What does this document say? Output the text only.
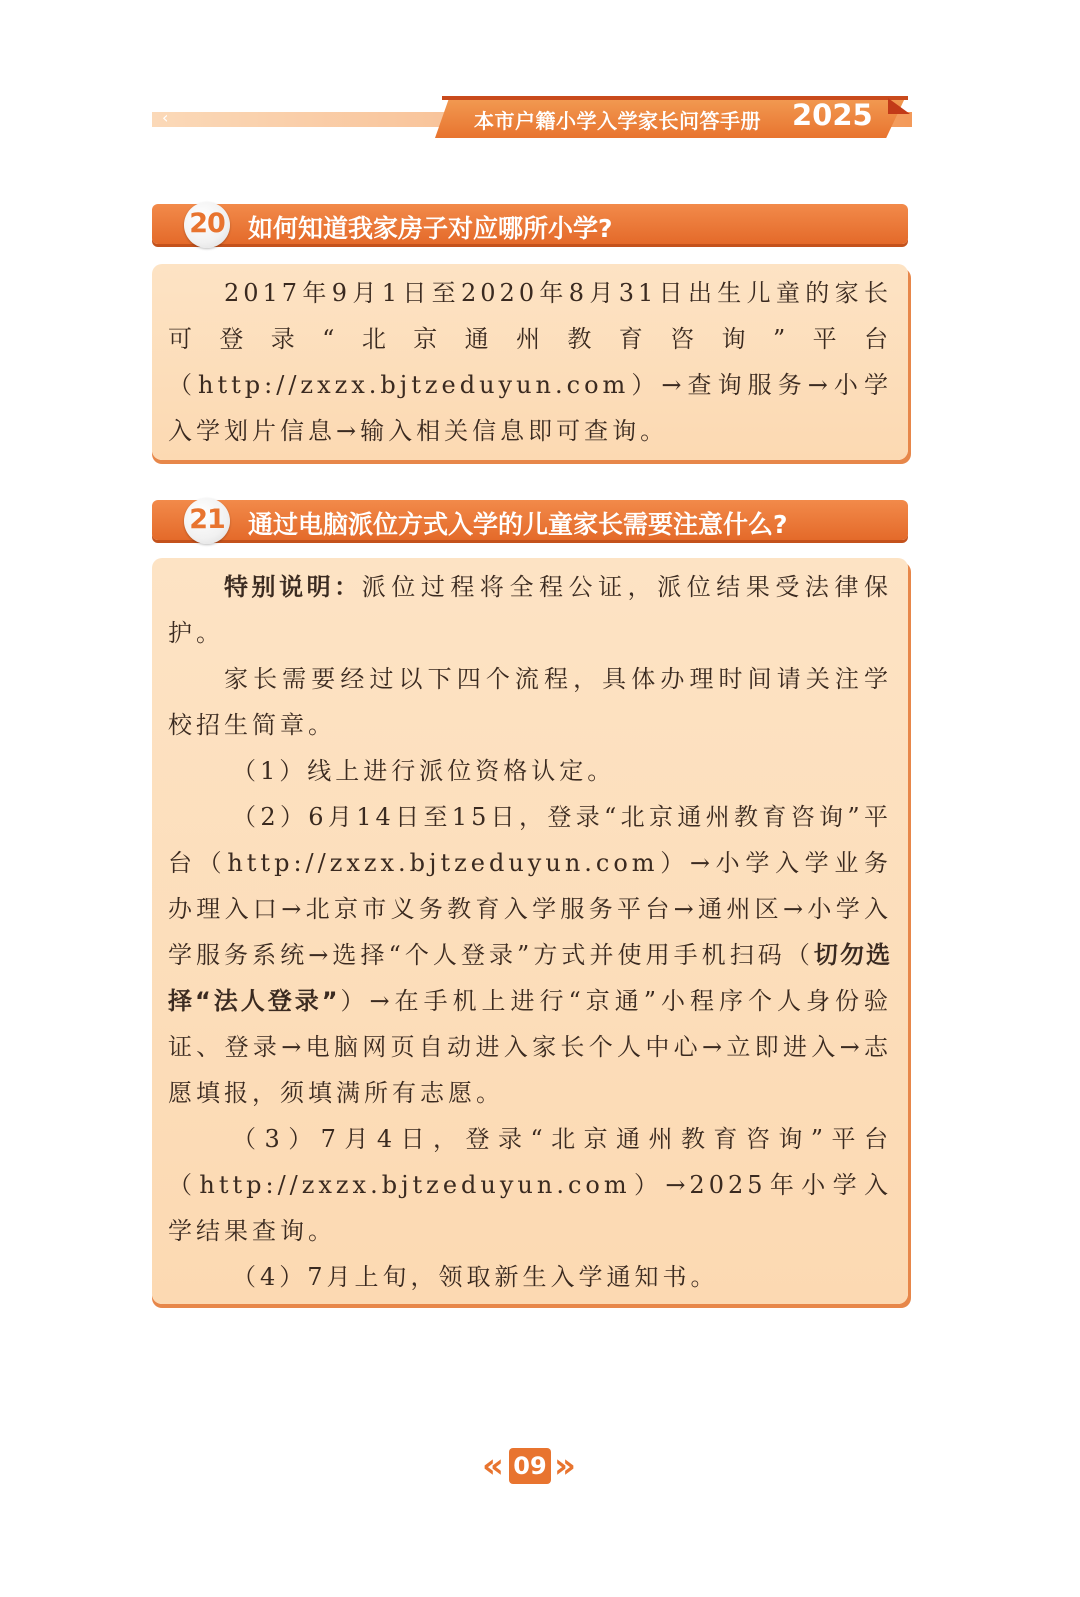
‹	本市户籍小学入学家长问答手册 2025
20 如何知道我家房子对应哪所小学?
2017年9月1日至2020年8月31日出生儿童的家长可登录“北京通州教育咨询”平台（http://zxzx.bjtzeduyun.com）→查询服务→小学入学划片信息→输入相关信息即可查询。
21 通过电脑派位方式入学的儿童家长需要注意什么?
特别说明：派位过程将全程公证，派位结果受法律保护。
家长需要经过以下四个流程，具体办理时间请关注学校招生简章。
（1）线上进行派位资格认定。
（2）6月14日至15日，登录“北京通州教育咨询”平台（http://zxzx.bjtzeduyun.com）→小学入学业务办理入口→北京市义务教育入学服务平台→通州区→小学入学服务系统→选择“个人登录”方式并使用手机扫码（切勿选择“法人登录”）→在手机上进行“京通”小程序个人身份验证、登录→电脑网页自动进入家长个人中心→立即进入→志愿填报，须填满所有志愿。
（3）7月4日，登录“北京通州教育咨询”平台（http://zxzx.bjtzeduyun.com）→2025年小学入学结果查询。
（4）7月上旬，领取新生入学通知书。
« 09 »
